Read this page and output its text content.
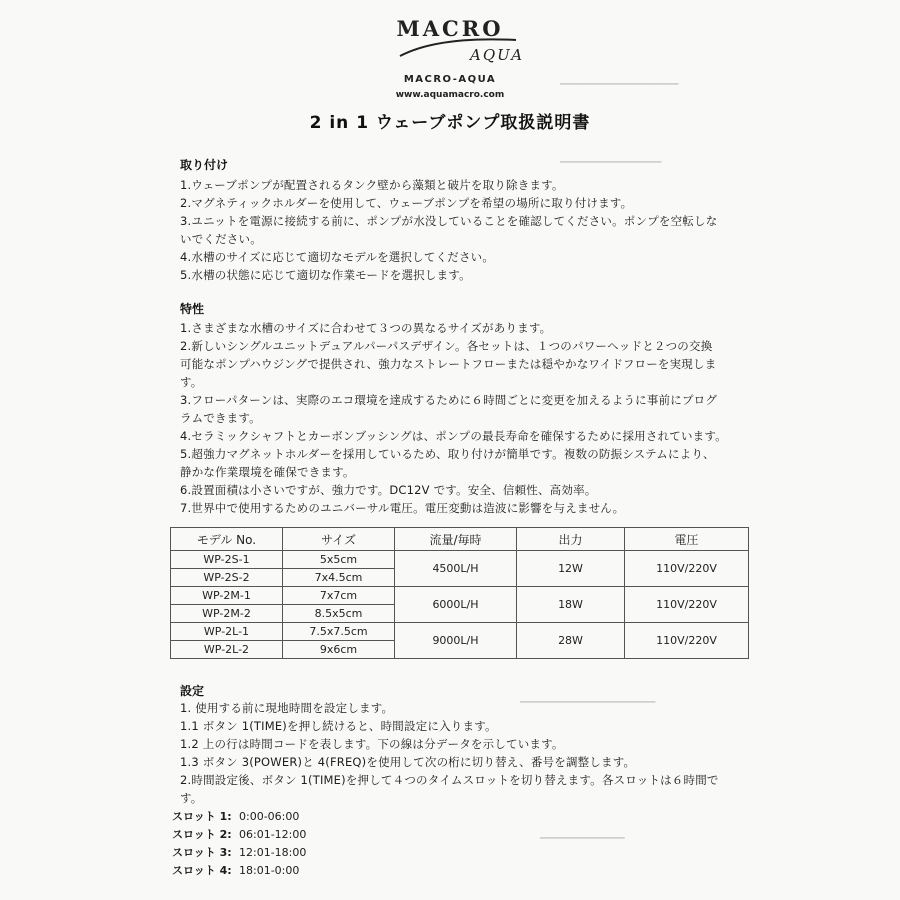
▁▁▁▁▁▁▁▁▁▁▁▁▁▁
▁▁▁▁▁▁▁▁▁▁▁▁
▁▁▁▁▁▁▁▁▁▁▁▁▁▁▁▁
▁▁▁▁▁▁▁▁▁▁
MACRO
AQUA
MACRO-AQUA
www.aquamacro.com
2 in 1 ウェーブポンプ取扱説明書
取り付け
1.ウェーブポンプが配置されるタンク壁から藻類と破片を取り除きます。
2.マグネティックホルダーを使用して、ウェーブポンプを希望の場所に取り付けます。
3.ユニットを電源に接続する前に、ポンプが水没していることを確認してください。ポンプを空転しな
いでください。
4.水槽のサイズに応じて適切なモデルを選択してください。
5.水槽の状態に応じて適切な作業モードを選択します。
特性
1.さまざまな水槽のサイズに合わせて３つの異なるサイズがあります。
2.新しいシングルユニットデュアルパーパスデザイン。各セットは、１つのパワーヘッドと２つの交換
可能なポンプハウジングで提供され、強力なストレートフローまたは穏やかなワイドフローを実現しま
す。
3.フローパターンは、実際のエコ環境を達成するために６時間ごとに変更を加えるように事前にプログ
ラムできます。
4.セラミックシャフトとカーボンブッシングは、ポンプの最長寿命を確保するために採用されています。
5.超強力マグネットホルダーを採用しているため、取り付けが簡単です。複数の防振システムにより、
静かな作業環境を確保できます。
6.設置面積は小さいですが、強力です。DC12V です。安全、信頼性、高効率。
7.世界中で使用するためのユニバーサル電圧。電圧変動は造波に影響を与えません。
モデル No.	サイズ	流量/毎時	出力	電圧
WP-2S-1	5x5cm	4500L/H	12W	110V/220V
WP-2S-2	7x4.5cm			
WP-2M-1	7x7cm	6000L/H	18W	110V/220V
WP-2M-2	8.5x5cm			
WP-2L-1	7.5x7.5cm	9000L/H	28W	110V/220V
WP-2L-2	9x6cm			
設定
1. 使用する前に現地時間を設定します。
1.1 ボタン 1(TIME)を押し続けると、時間設定に入ります。
1.2 上の行は時間コードを表します。下の線は分データを示しています。
1.3 ボタン 3(POWER)と 4(FREQ)を使用して次の桁に切り替え、番号を調整します。
2.時間設定後、ボタン 1(TIME)を押して４つのタイムスロットを切り替えます。各スロットは６時間で
す。
スロット 1: 0:00-06:00
スロット 2: 06:01-12:00
スロット 3: 12:01-18:00
スロット 4: 18:01-0:00
